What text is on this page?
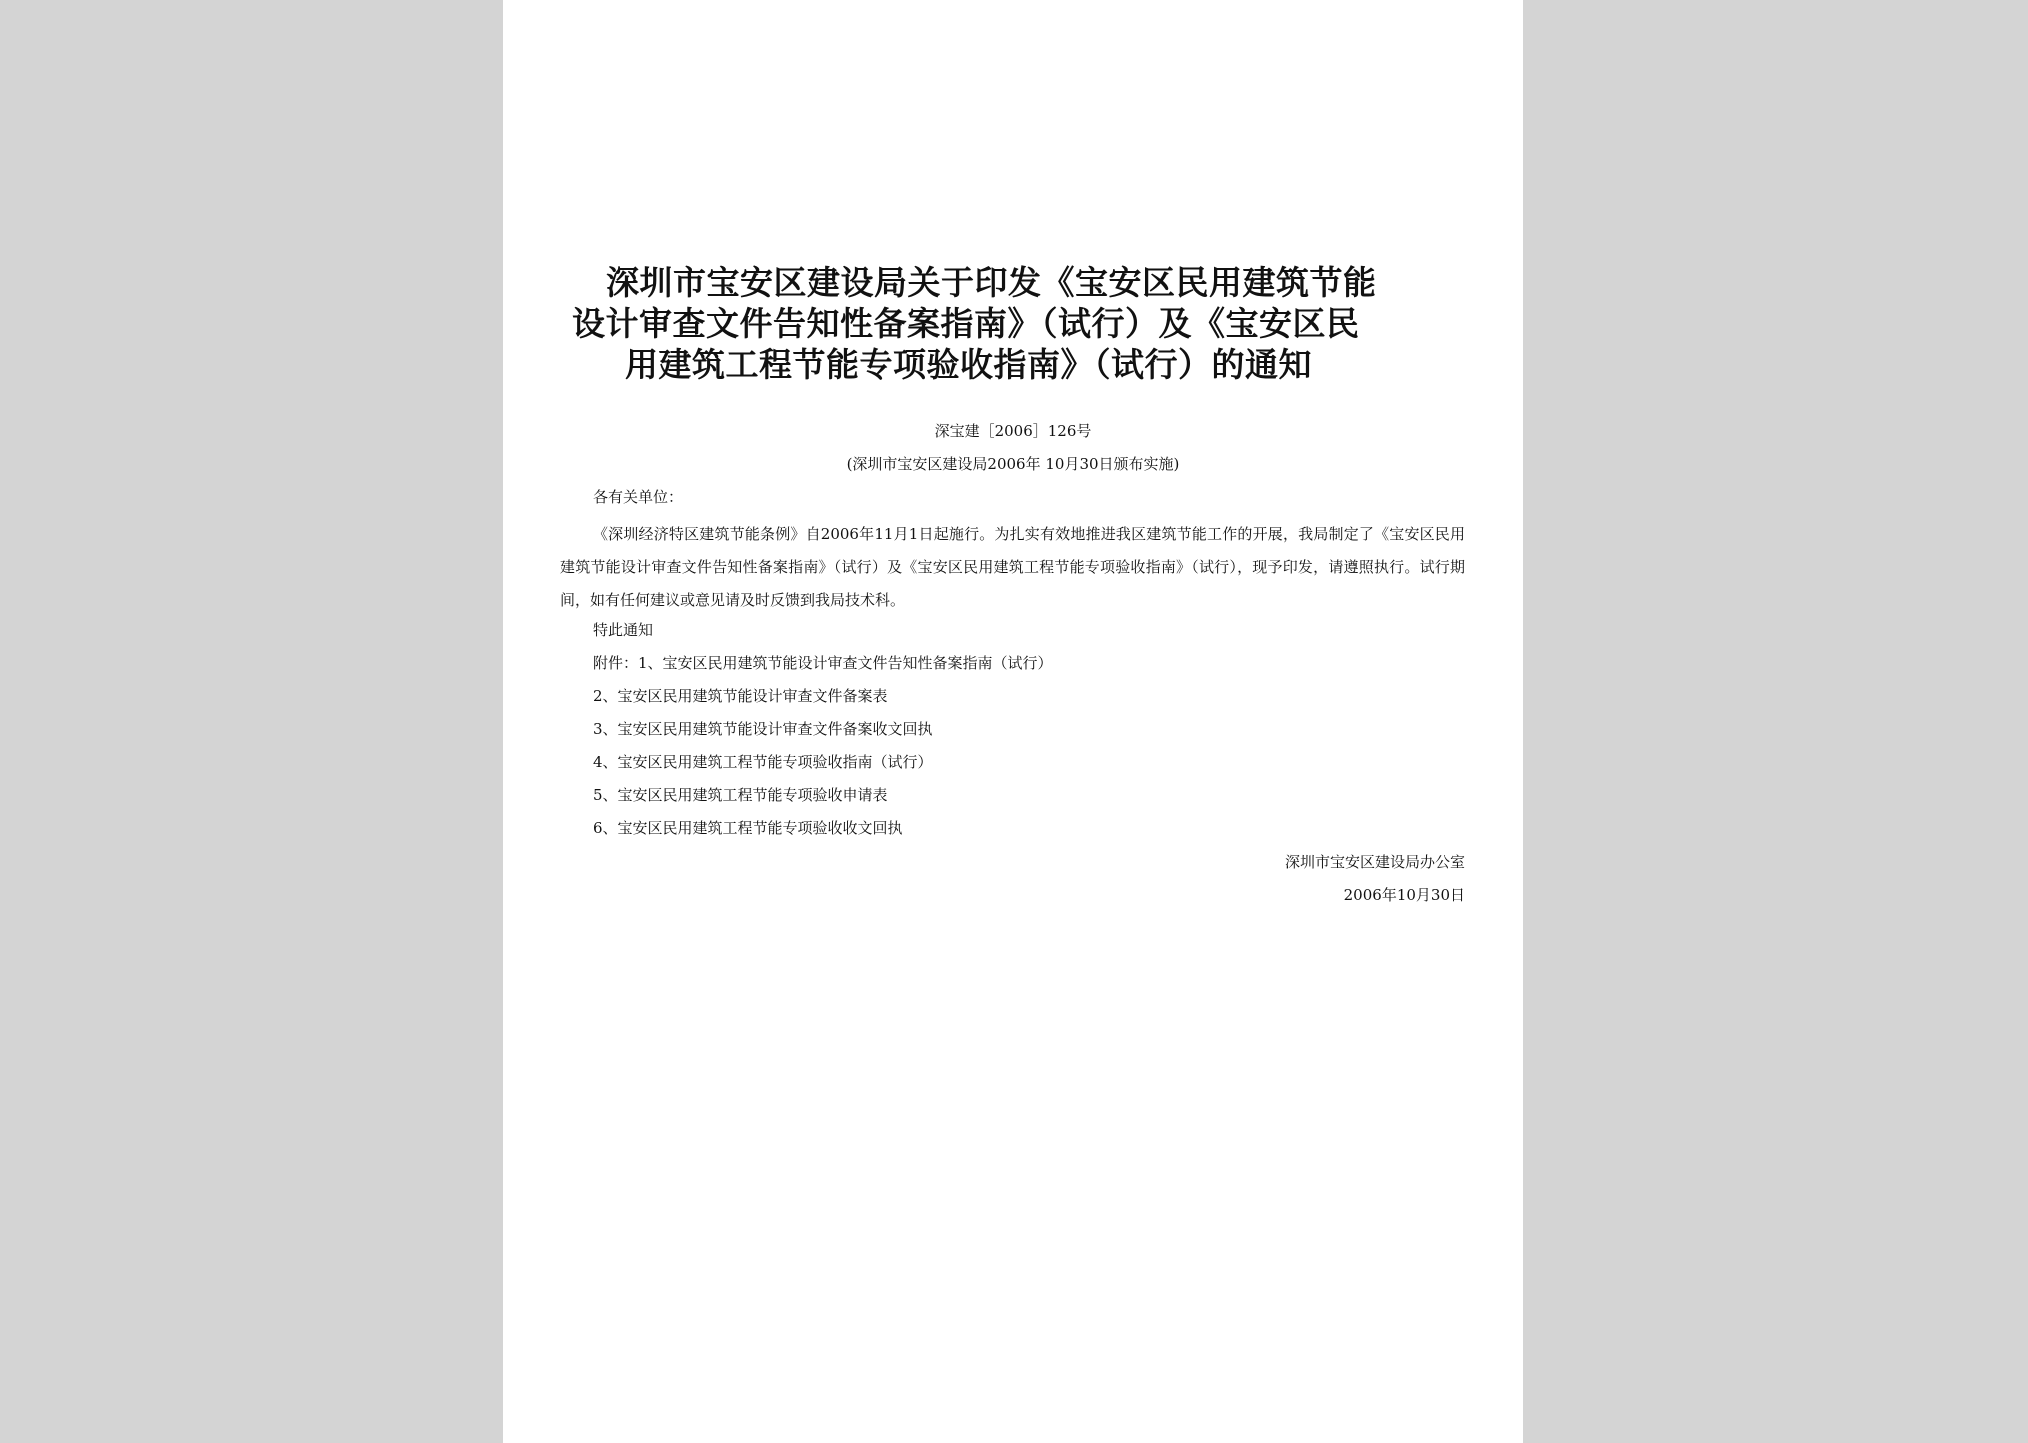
深圳市宝安区建设局关于印发《宝安区民用建筑节能
设计审查文件告知性备案指南》（试行）及《宝安区民
用建筑工程节能专项验收指南》（试行）的通知
深宝建［2006］126号
(深圳市宝安区建设局2006年 10月30日颁布实施)
各有关单位：
《深圳经济特区建筑节能条例》自2006年11月1日起施行。为扎实有效地推进我区建筑节能工作的开展，我局制定了《宝安区民用建筑节能设计审查文件告知性备案指南》（试行）及《宝安区民用建筑工程节能专项验收指南》（试行），现予印发，请遵照执行。试行期间，如有任何建议或意见请及时反馈到我局技术科。
特此通知
附件：1、宝安区民用建筑节能设计审查文件告知性备案指南（试行）
2、宝安区民用建筑节能设计审查文件备案表
3、宝安区民用建筑节能设计审查文件备案收文回执
4、宝安区民用建筑工程节能专项验收指南（试行）
5、宝安区民用建筑工程节能专项验收申请表
6、宝安区民用建筑工程节能专项验收收文回执
深圳市宝安区建设局办公室
2006年10月30日
